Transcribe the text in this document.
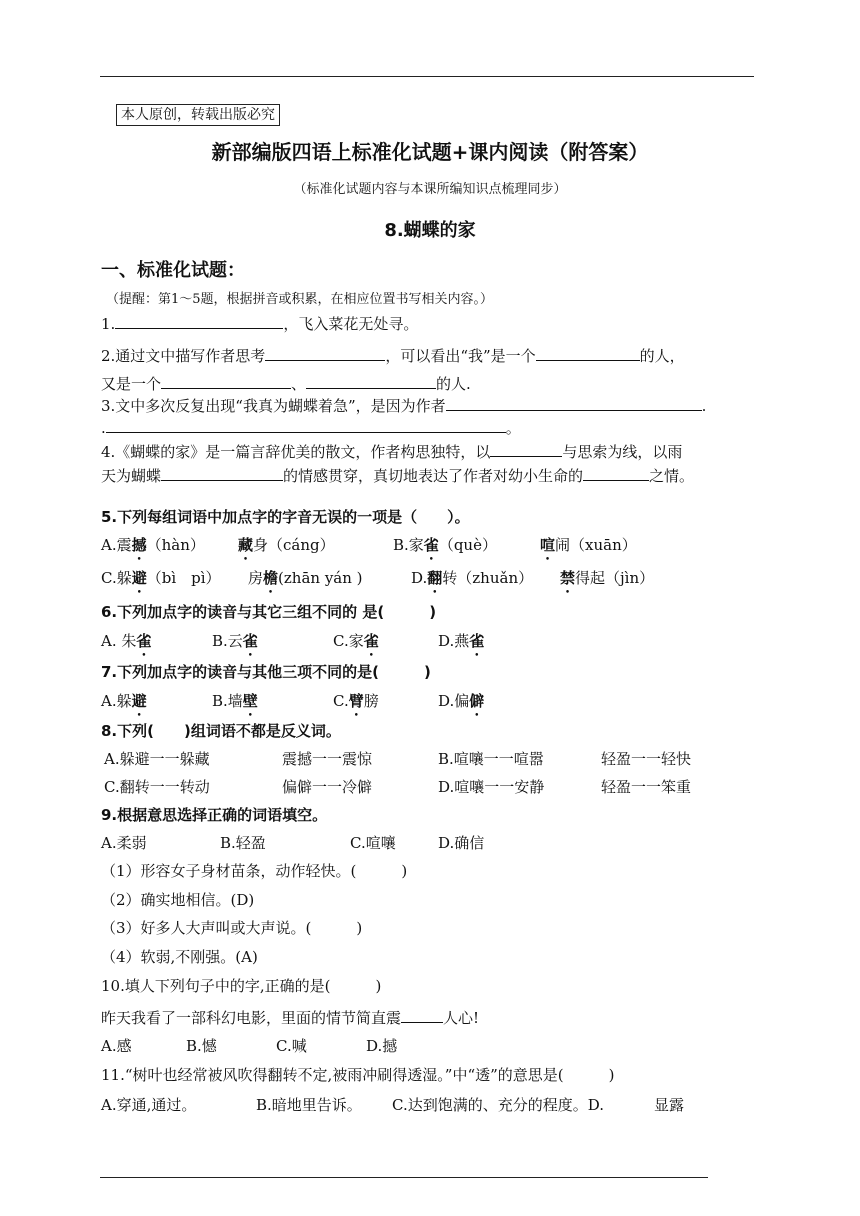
本人原创，转载出版必究
新部编版四语上标准化试题+课内阅读（附答案）
（标准化试题内容与本课所编知识点梳理同步）
8.蝴蝶的家
一、标准化试题：
（提醒：第1～5题，根据拼音或积累，在相应位置书写相关内容。）
1.	，飞入菜花无处寻。
2.通过文中描写作者思考	，可以看出“我”是一个	的人，
又是一个	、	的人.
3.文中多次反复出现“我真为蝴蝶着急”，是因为作者	.
.	。
4.《蝴蝶的家》是一篇言辞优美的散文，作者构思独特，以	与思索为线，以雨
天为蝴蝶	的情感贯穿，真切地表达了作者对幼小生命的	之情。
5.下列每组词语中加点字的字音无误的一项是（　　）。
A.震撼（hàn） 藏身（cáng）	B.家雀（què）	喧闹（xuān）
C.躲避（bì　pì） 房檐(zhān yán )	D.翻转（zhuǎn） 禁得起（jìn）
6.下列加点字的读音与其它三组不同的 是(　　　)
A. 朱雀	B.云雀	C.家雀	D.燕雀
7.下列加点字的读音与其他三项不同的是(　　　)
A.躲避	B.墙壁	C.臂膀	D.偏僻
8.下列(　　)组词语不都是反义词。
A.躲避一一躲藏	震撼一一震惊	B.喧嚷一一喧嚣	轻盈一一轻快
C.翻转一一转动	偏僻一一冷僻	D.喧嚷一一安静	轻盈一一笨重
9.根据意思选择正确的词语填空。
A.柔弱	B.轻盈	C.喧嚷	D.确信
（1）形容女子身材苗条，动作轻快。(　　　)
（2）确实地相信。(D)
（3）好多人大声叫或大声说。(　　　)
（4）软弱,不刚强。(A)
10.填人下列句子中的字,正确的是(　　　)
昨天我看了一部科幻电影，里面的情节简直震	人心!
A.感	B.憾	C.喊	D.撼
11.“树叶也经常被风吹得翻转不定,被雨冲刷得透湿。”中“透”的意思是(　　　)
A.穿通,通过。	B.暗地里告诉。 C.达到饱满的、充分的程度。D.	显露
